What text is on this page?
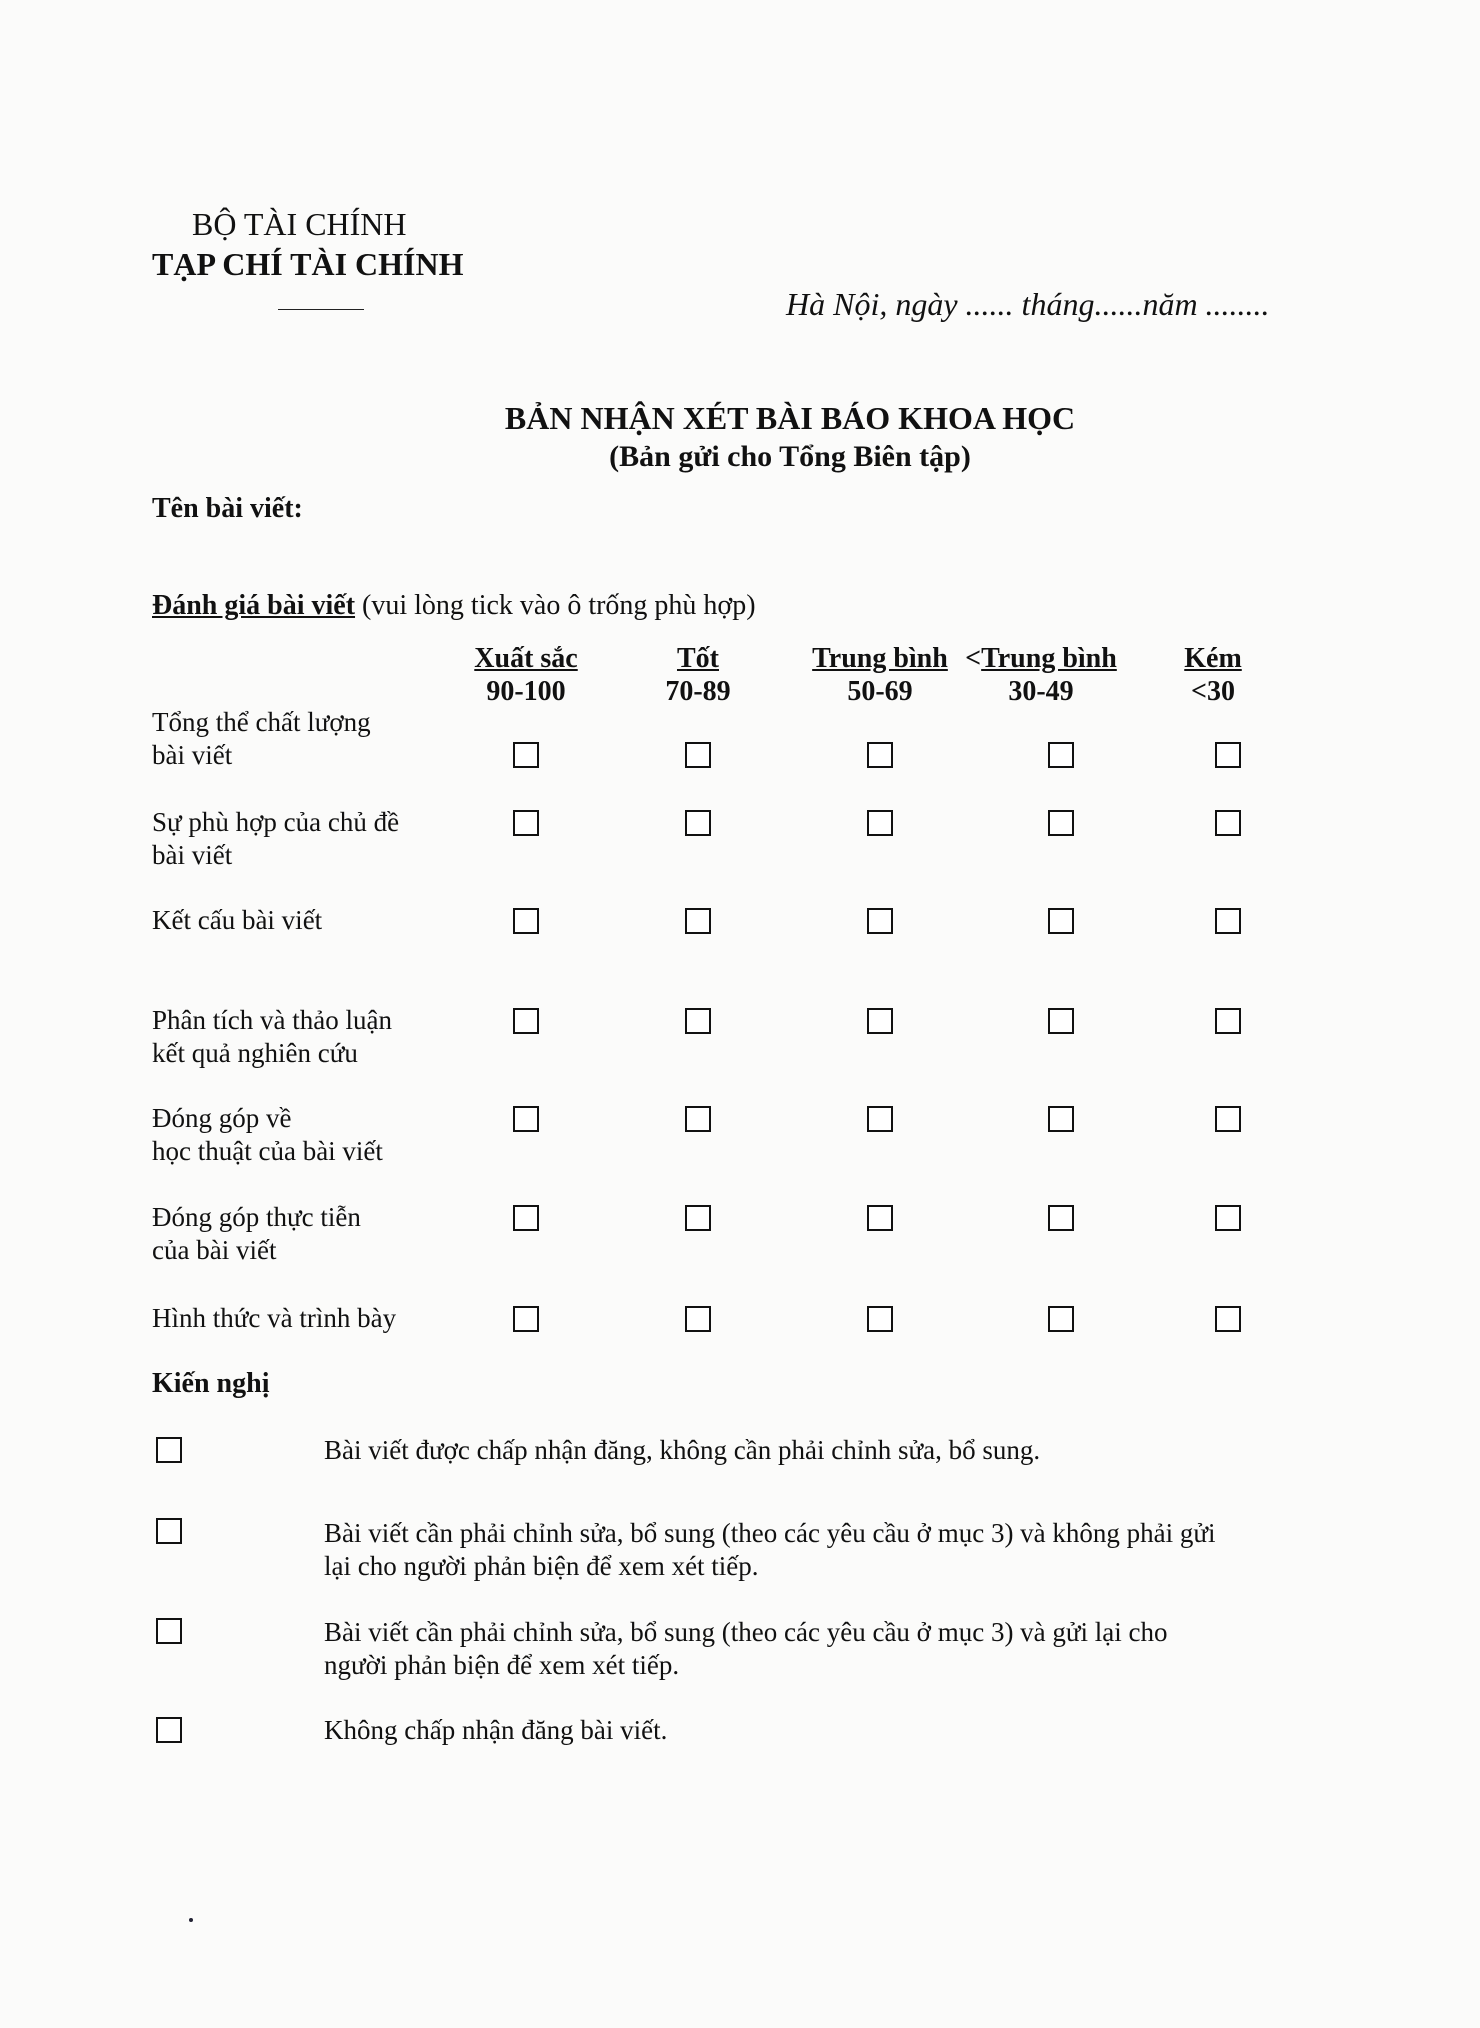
BỘ TÀI CHÍNH
TẠP CHÍ TÀI CHÍNH
Hà Nội, ngày ...... tháng......năm ........
BẢN NHẬN XÉT BÀI BÁO KHOA HỌC
(Bản gửi cho Tổng Biên tập)
Tên bài viết:
Đánh giá bài viết (vui lòng tick vào ô trống phù hợp)
Xuất sắc
90-100
Tốt
70-89
Trung bình
50-69
<Trung bình
30-49
Kém
<30
Tổng thể chất lượng
bài viết
Sự phù hợp của chủ đề
bài viết
Kết cấu bài viết
Phân tích và thảo luận
kết quả nghiên cứu
Đóng góp về
học thuật của bài viết
Đóng góp thực tiễn
của bài viết
Hình thức và trình bày
Kiến nghị
Bài viết được chấp nhận đăng, không cần phải chỉnh sửa, bổ sung.
Bài viết cần phải chỉnh sửa, bổ sung (theo các yêu cầu ở mục 3) và không phải gửi
lại cho người phản biện để xem xét tiếp.
Bài viết cần phải chỉnh sửa, bổ sung (theo các yêu cầu ở mục 3) và gửi lại cho
người phản biện để xem xét tiếp.
Không chấp nhận đăng bài viết.
